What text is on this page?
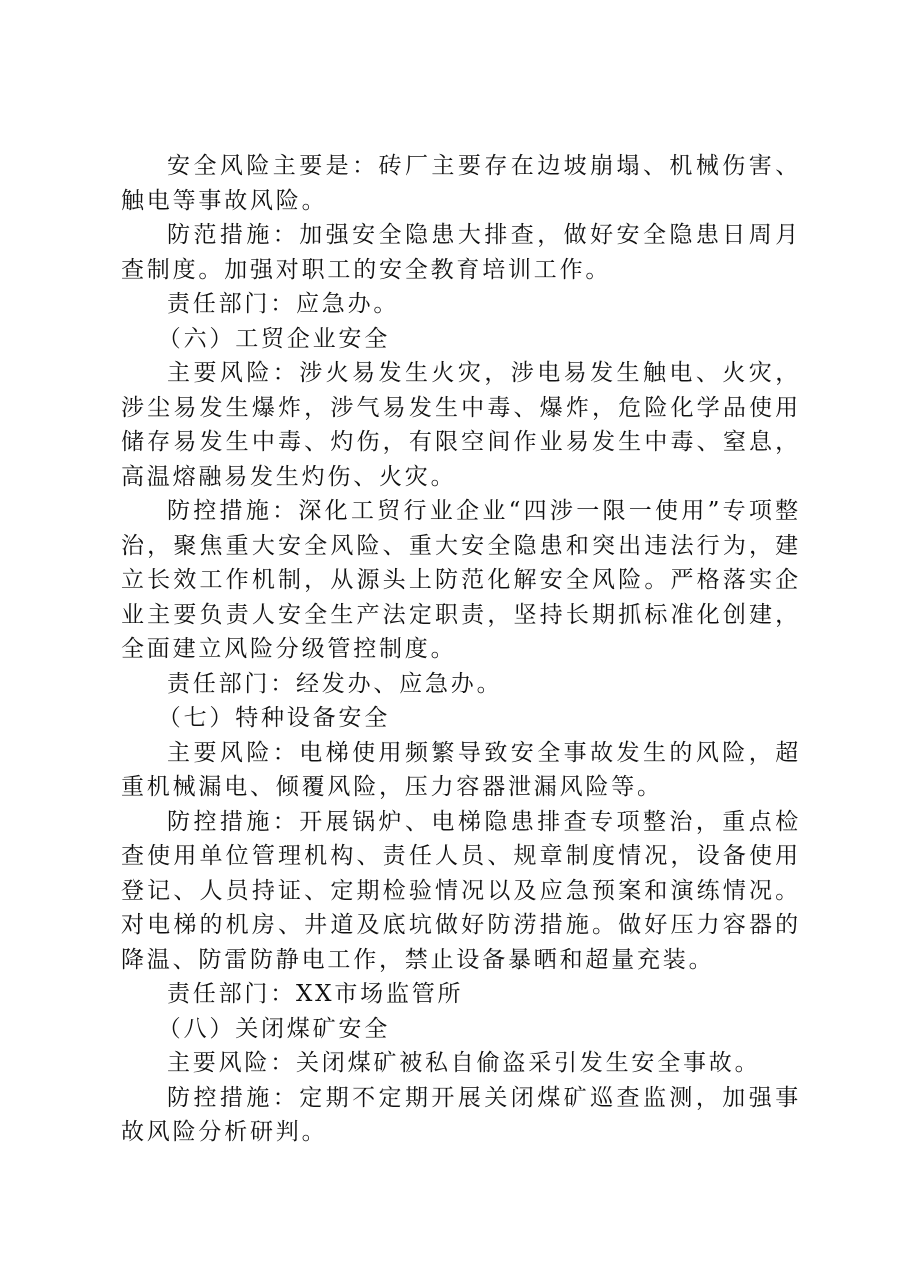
安全风险主要是：砖厂主要存在边坡崩塌、机械伤害、触电等事故风险。

防范措施：加强安全隐患大排查，做好安全隐患日周月查制度。加强对职工的安全教育培训工作。

责任部门：应急办。

（六）工贸企业安全

主要风险：涉火易发生火灾，涉电易发生触电、火灾，涉尘易发生爆炸，涉气易发生中毒、爆炸，危险化学品使用储存易发生中毒、灼伤，有限空间作业易发生中毒、窒息，高温熔融易发生灼伤、火灾。

防控措施：深化工贸行业企业“四涉一限一使用”专项整治，聚焦重大安全风险、重大安全隐患和突出违法行为，建立长效工作机制，从源头上防范化解安全风险。严格落实企业主要负责人安全生产法定职责，坚持长期抓标准化创建，全面建立风险分级管控制度。

责任部门：经发办、应急办。

（七）特种设备安全

主要风险：电梯使用频繁导致安全事故发生的风险，超重机械漏电、倾覆风险，压力容器泄漏风险等。

防控措施：开展锅炉、电梯隐患排查专项整治，重点检查使用单位管理机构、责任人员、规章制度情况，设备使用登记、人员持证、定期检验情况以及应急预案和演练情况。对电梯的机房、井道及底坑做好防涝措施。做好压力容器的降温、防雷防静电工作，禁止设备暴晒和超量充装。

责任部门：XX市场监管所

（八）关闭煤矿安全

主要风险：关闭煤矿被私自偷盗采引发生安全事故。

防控措施：定期不定期开展关闭煤矿巡查监测，加强事故风险分析研判。
